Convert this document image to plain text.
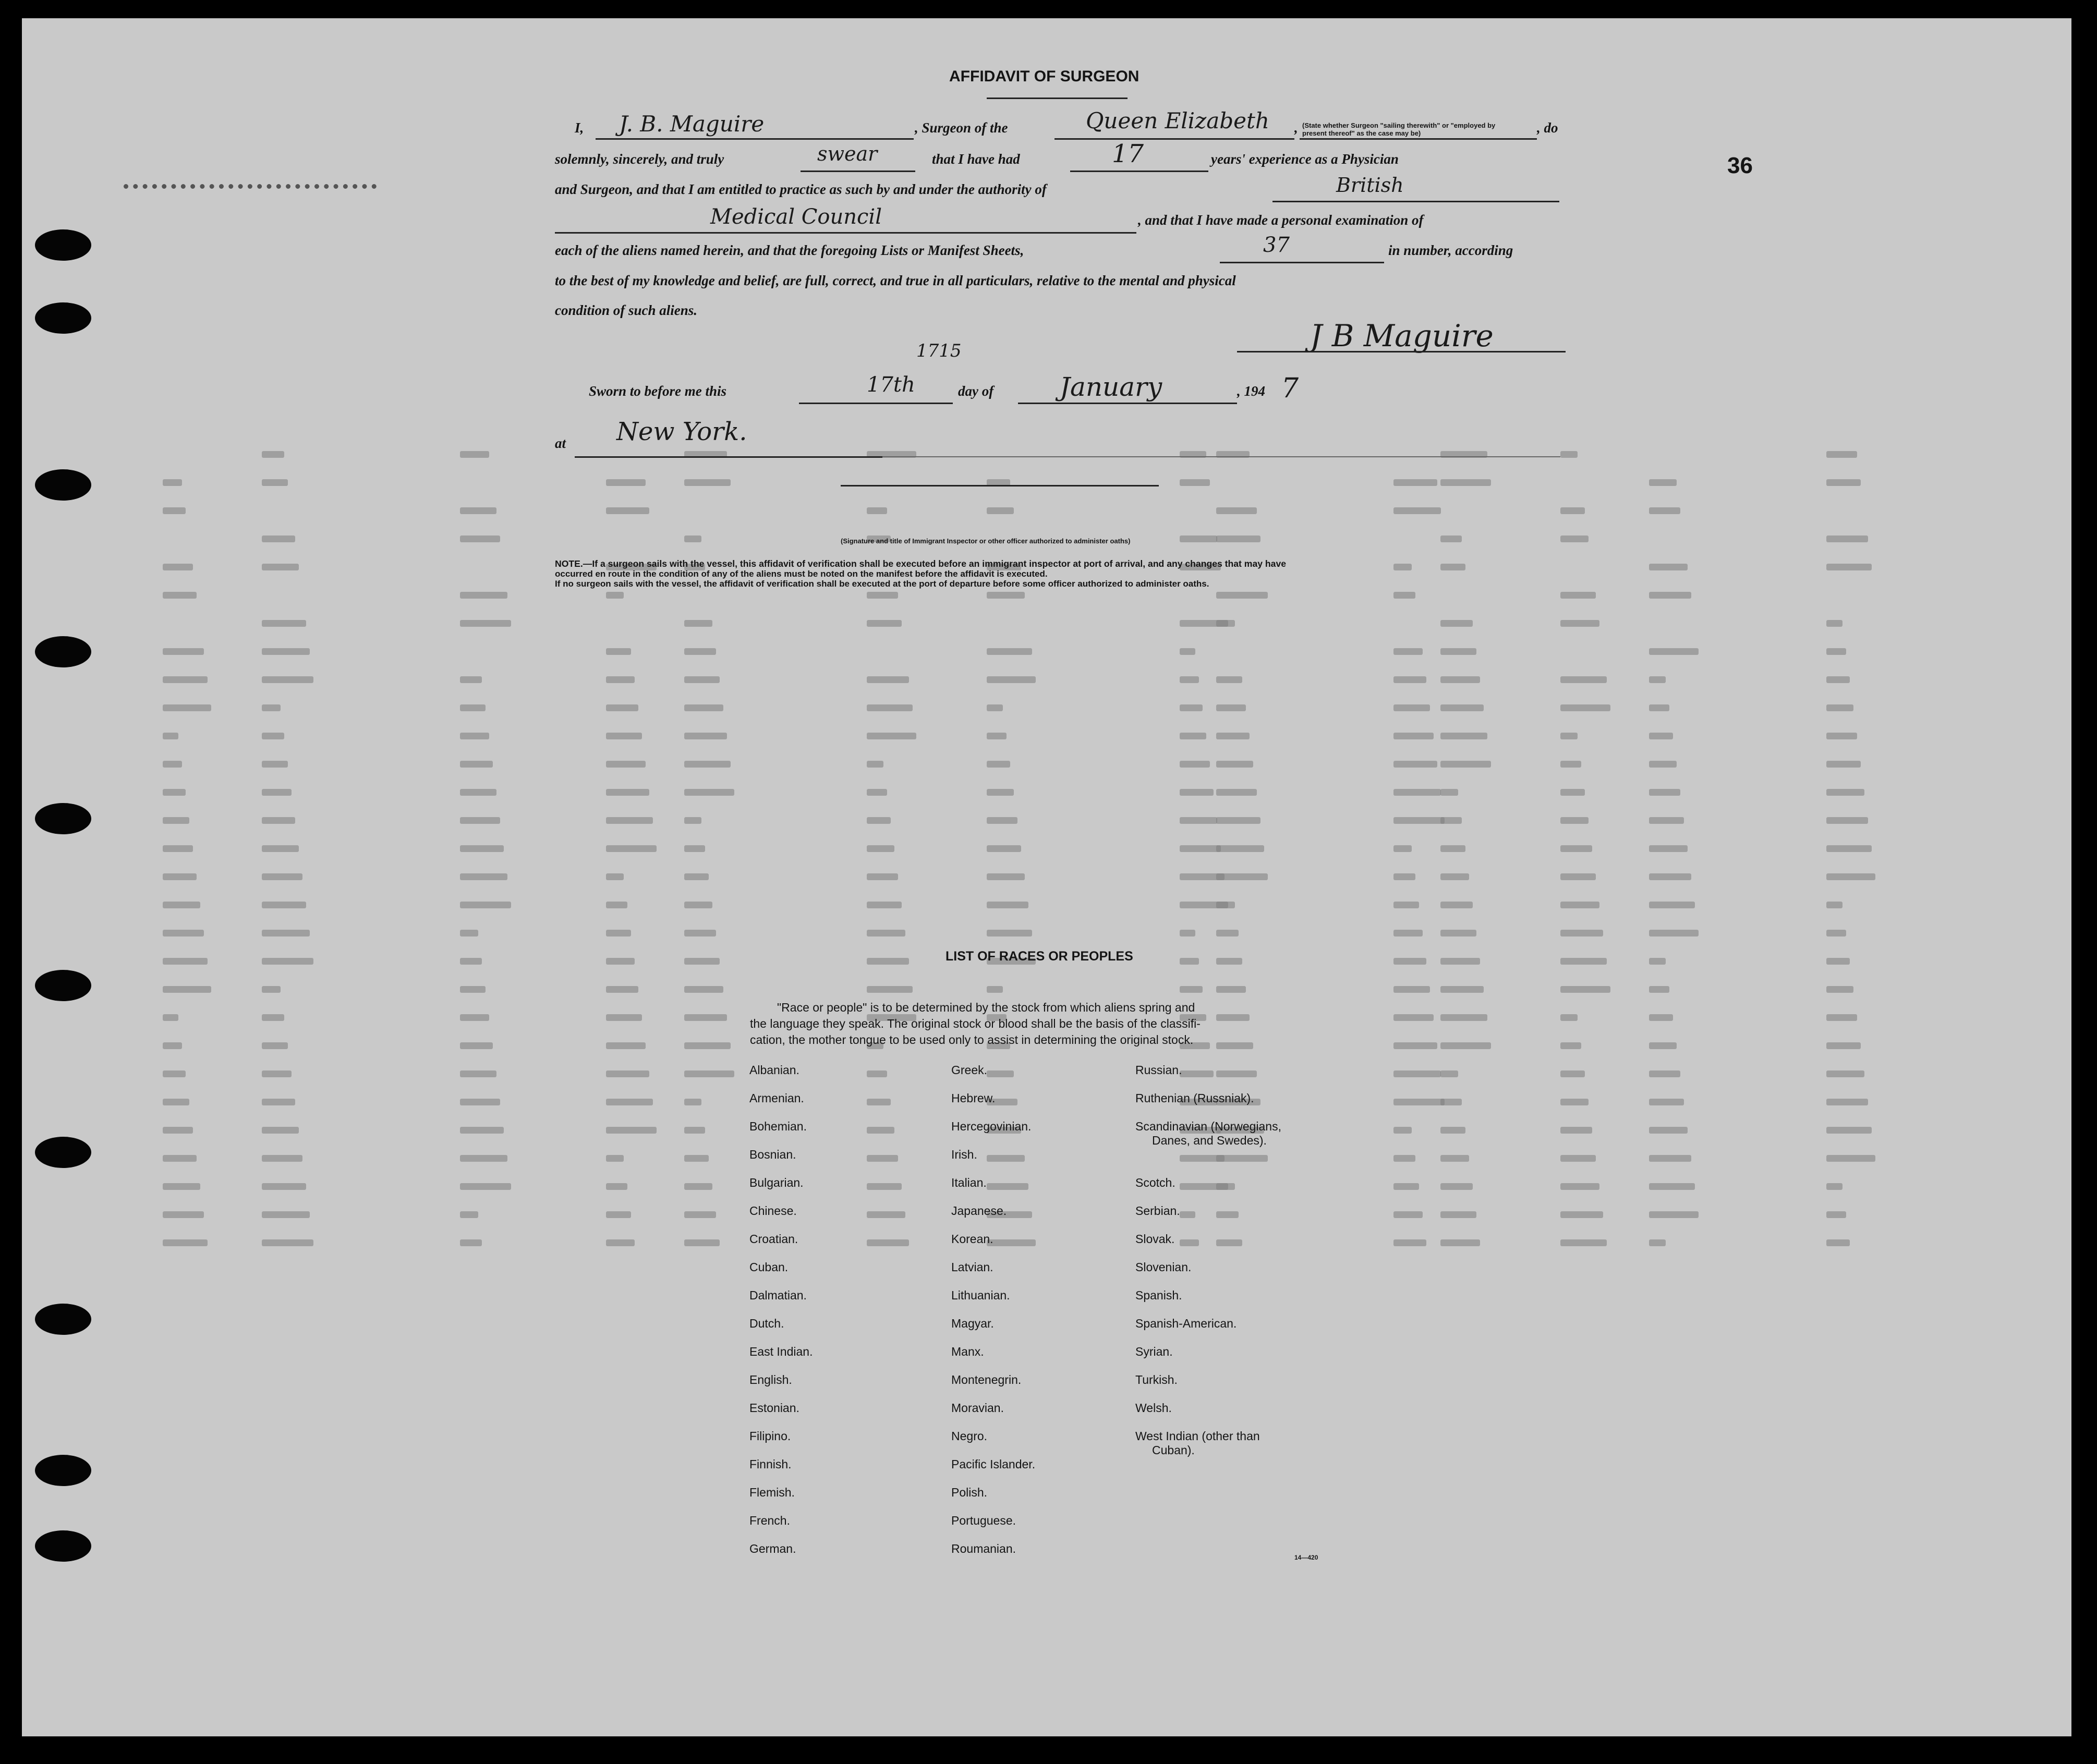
36
AFFIDAVIT OF SURGEON
I, J. B. Maguire	, Surgeon of the	Queen Elizabeth , (State whether Surgeon "sailing therewith" or "employed by present thereof" as the case may be)	, do
solemnly, sincerely, and truly	swear	that I have had	17	years' experience as a Physician
and Surgeon, and that I am entitled to practice as such by and under the authority of	British
Medical Council	, and that I have made a personal examination of
each of the aliens named herein, and that the foregoing Lists or Manifest Sheets,	37	in number, according
to the best of my knowledge and belief, are full, correct, and true in all particulars, relative to the mental and physical
condition of such aliens.
J B Maguire
Sworn to before me this	17th
1715
day of	January	, 194 7
at New York.
(Signature and title of Immigrant Inspector or other officer authorized to administer oaths)
NOTE.—If a surgeon sails with the vessel, this affidavit of verification shall be executed before an immigrant inspector at port of arrival, and any changes that may have
occurred en route in the condition of any of the aliens must be noted on the manifest before the affidavit is executed.
If no surgeon sails with the vessel, the affidavit of verification shall be executed at the port of departure before some officer authorized to administer oaths.
LIST OF RACES OR PEOPLES
"Race or people" is to be determined by the stock from which aliens spring and
the language they speak. The original stock or blood shall be the basis of the classifi-
cation, the mother tongue to be used only to assist in determining the original stock.
Albanian.
Armenian.
Bohemian.
Bosnian.
Bulgarian.
Chinese.
Croatian.
Cuban.
Dalmatian.
Dutch.
East Indian.
English.
Estonian.
Filipino.
Finnish.
Flemish.
French.
German.
Greek.
Hebrew.
Hercegovinian.
Irish.
Italian.
Japanese.
Korean.
Latvian.
Lithuanian.
Magyar.
Manx.
Montenegrin.
Moravian.
Negro.
Pacific Islander.
Polish.
Portuguese.
Roumanian.
Russian.
Ruthenian (Russniak).
Scandinavian (Norwegians,
Danes, and Swedes).
Scotch.
Serbian.
Slovak.
Slovenian.
Spanish.
Spanish-American.
Syrian.
Turkish.
Welsh.
West Indian (other than
Cuban).
14—420
